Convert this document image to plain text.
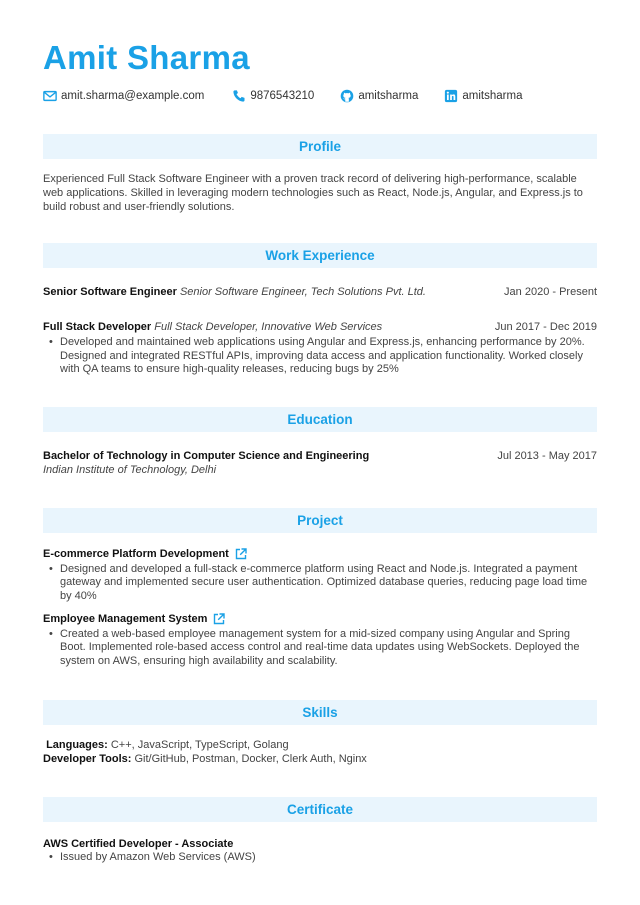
Amit Sharma
amit.sharma@example.com	9876543210	amitsharma	amitsharma
Profile
Experienced Full Stack Software Engineer with a proven track record of delivering high-performance, scalable web applications. Skilled in leveraging modern technologies such as React, Node.js, Angular, and Express.js to build robust and user-friendly solutions.
Work Experience
Senior Software Engineer Senior Software Engineer, Tech Solutions Pvt. Ltd.	Jan 2020 - Present
Full Stack Developer Full Stack Developer, Innovative Web Services	Jun 2017 - Dec 2019
• Developed and maintained web applications using Angular and Express.js, enhancing performance by 20%. Designed and integrated RESTful APIs, improving data access and application functionality. Worked closely with QA teams to ensure high-quality releases, reducing bugs by 25%
Education
Bachelor of Technology in Computer Science and Engineering	Jul 2013 - May 2017
Indian Institute of Technology, Delhi
Project
E-commerce Platform Development
• Designed and developed a full-stack e-commerce platform using React and Node.js. Integrated a payment gateway and implemented secure user authentication. Optimized database queries, reducing page load time by 40%
Employee Management System
• Created a web-based employee management system for a mid-sized company using Angular and Spring Boot. Implemented role-based access control and real-time data updates using WebSockets. Deployed the system on AWS, ensuring high availability and scalability.
Skills
Languages: C++, JavaScript, TypeScript, Golang
Developer Tools: Git/GitHub, Postman, Docker, Clerk Auth, Nginx
Certificate
AWS Certified Developer - Associate
• Issued by Amazon Web Services (AWS)
